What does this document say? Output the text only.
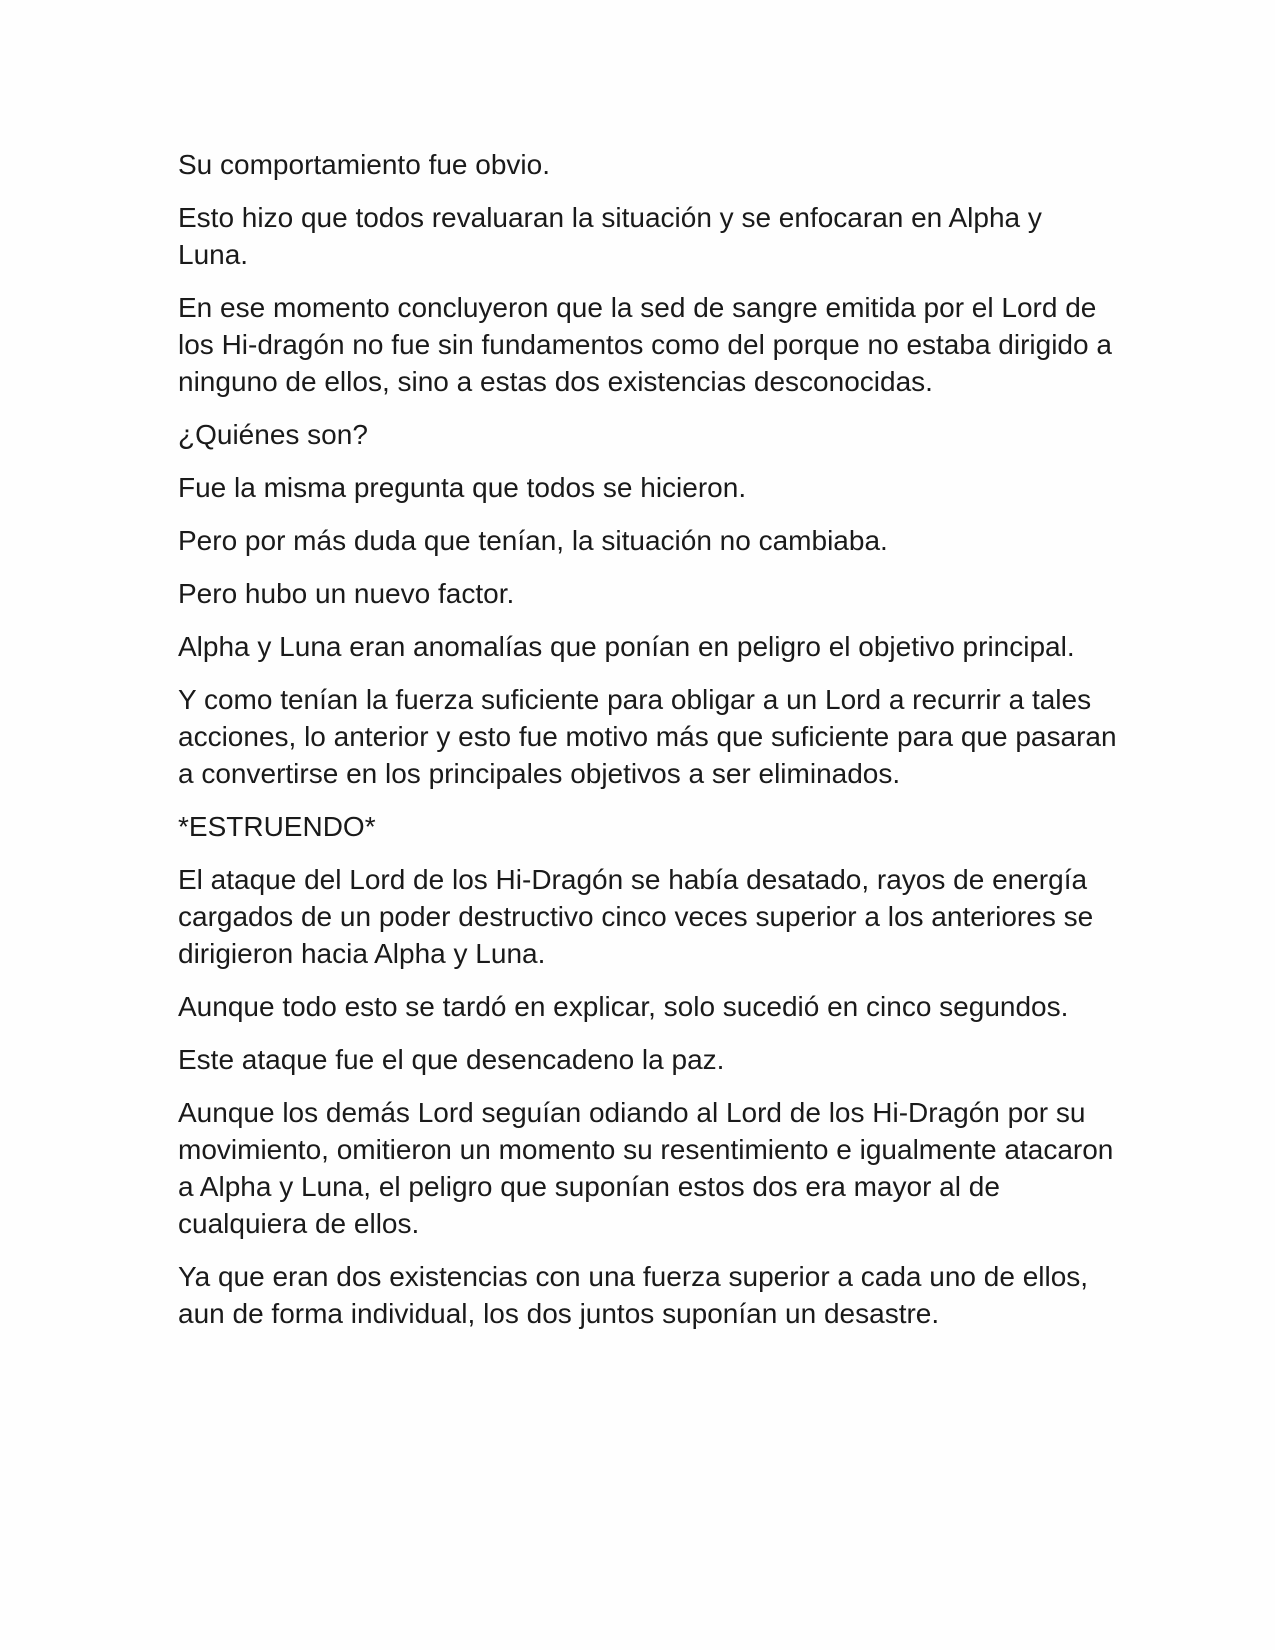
Su comportamiento fue obvio.

Esto hizo que todos revaluaran la situación y se enfocaran en Alpha y Luna.

En ese momento concluyeron que la sed de sangre emitida por el Lord de los Hi-dragón no fue sin fundamentos como del porque no estaba dirigido a ninguno de ellos, sino a estas dos existencias desconocidas.

¿Quiénes son?

Fue la misma pregunta que todos se hicieron.

Pero por más duda que tenían, la situación no cambiaba.

Pero hubo un nuevo factor.

Alpha y Luna eran anomalías que ponían en peligro el objetivo principal.

Y como tenían la fuerza suficiente para obligar a un Lord a recurrir a tales acciones, lo anterior y esto fue motivo más que suficiente para que pasaran a convertirse en los principales objetivos a ser eliminados.

*ESTRUENDO*

El ataque del Lord de los Hi-Dragón se había desatado, rayos de energía cargados de un poder destructivo cinco veces superior a los anteriores se dirigieron hacia Alpha y Luna.

Aunque todo esto se tardó en explicar, solo sucedió en cinco segundos.

Este ataque fue el que desencadeno la paz.

Aunque los demás Lord seguían odiando al Lord de los Hi-Dragón por su movimiento, omitieron un momento su resentimiento e igualmente atacaron a Alpha y Luna, el peligro que suponían estos dos era mayor al de cualquiera de ellos.

Ya que eran dos existencias con una fuerza superior a cada uno de ellos, aun de forma individual, los dos juntos suponían un desastre.
